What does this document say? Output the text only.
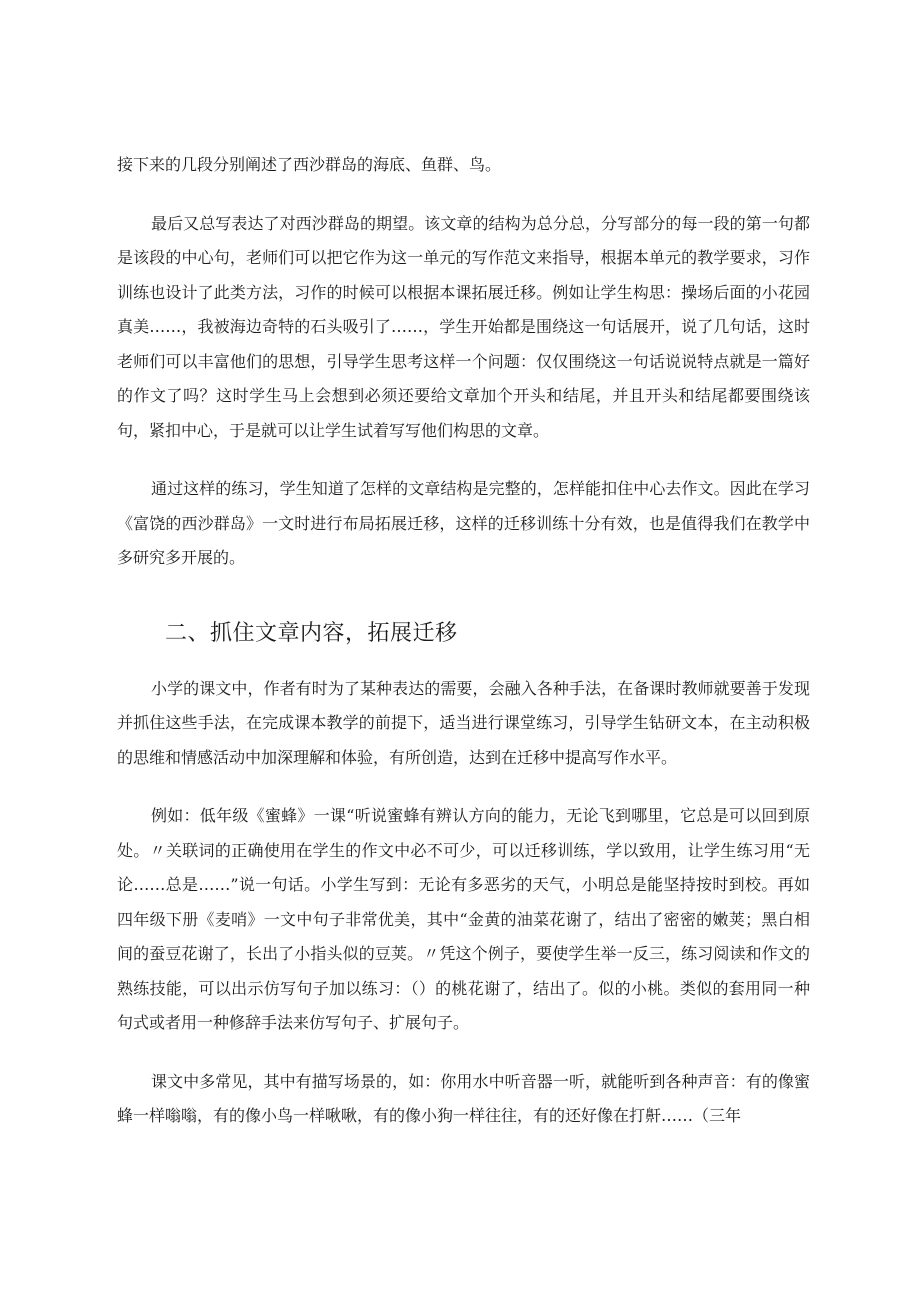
接下来的几段分别阐述了西沙群岛的海底、鱼群、鸟。

最后又总写表达了对西沙群岛的期望。该文章的结构为总分总，分写部分的每一段的第一句都是该段的中心句，老师们可以把它作为这一单元的写作范文来指导，根据本单元的教学要求，习作训练也设计了此类方法，习作的时候可以根据本课拓展迁移。例如让学生构思：操场后面的小花园真美……，我被海边奇特的石头吸引了……，学生开始都是围绕这一句话展开，说了几句话，这时老师们可以丰富他们的思想，引导学生思考这样一个问题：仅仅围绕这一句话说说特点就是一篇好的作文了吗？这时学生马上会想到必须还要给文章加个开头和结尾，并且开头和结尾都要围绕该句，紧扣中心，于是就可以让学生试着写写他们构思的文章。

通过这样的练习，学生知道了怎样的文章结构是完整的，怎样能扣住中心去作文。因此在学习《富饶的西沙群岛》一文时进行布局拓展迁移，这样的迁移训练十分有效，也是值得我们在教学中多研究多开展的。

二、抓住文章内容，拓展迁移

小学的课文中，作者有时为了某种表达的需要，会融入各种手法，在备课时教师就要善于发现并抓住这些手法，在完成课本教学的前提下，适当进行课堂练习，引导学生钻研文本，在主动积极的思维和情感活动中加深理解和体验，有所创造，达到在迁移中提高写作水平。

例如：低年级《蜜蜂》一课“听说蜜蜂有辨认方向的能力，无论飞到哪里，它总是可以回到原处。〃关联词的正确使用在学生的作文中必不可少，可以迁移训练，学以致用，让学生练习用“无论……总是……”说一句话。小学生写到：无论有多恶劣的天气，小明总是能坚持按时到校。再如四年级下册《麦哨》一文中句子非常优美，其中“金黄的油菜花谢了，结出了密密的嫩荚；黑白相间的蚕豆花谢了，长出了小指头似的豆荚。〃凭这个例子，要使学生举一反三，练习阅读和作文的熟练技能，可以出示仿写句子加以练习：（）的桃花谢了，结出了。似的小桃。类似的套用同一种句式或者用一种修辞手法来仿写句子、扩展句子。

课文中多常见，其中有描写场景的，如：你用水中听音器一听，就能听到各种声音：有的像蜜蜂一样嗡嗡，有的像小鸟一样啾啾，有的像小狗一样往往，有的还好像在打鼾……（三年
